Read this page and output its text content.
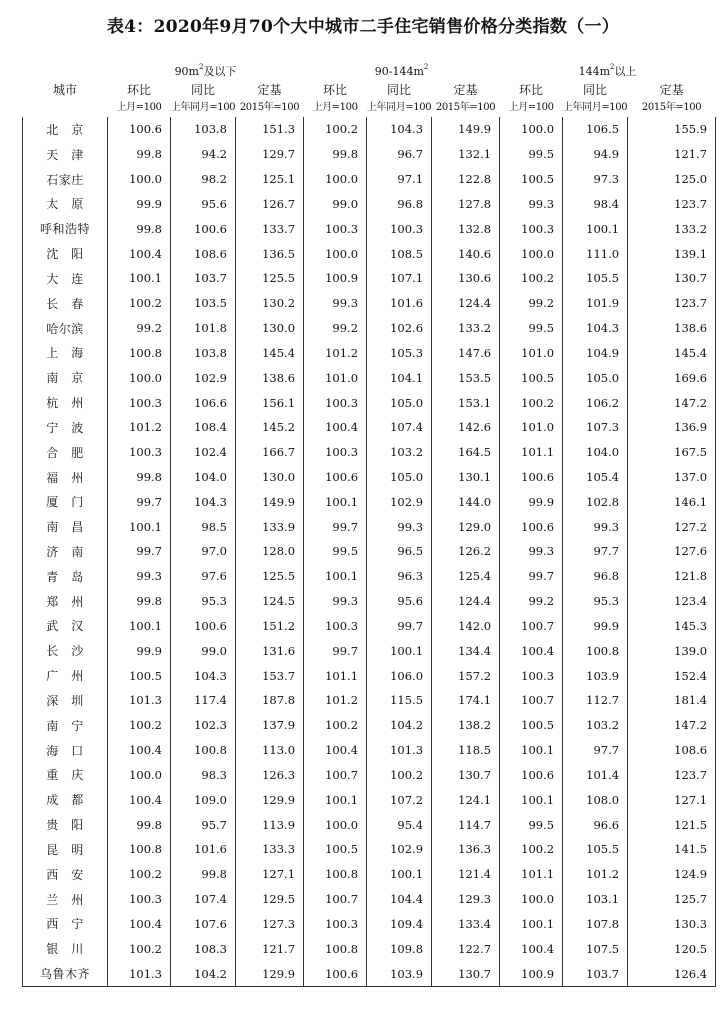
表4：2020年9月70个大中城市二手住宅销售价格分类指数（一）
城市	$90m^2$及以下			$90-144m^2$			$144m^2$以上		
	环比	同比	定基	环比	同比	定基	环比	同比	定基
	上月=100	上年同月=100	2015年=100	上月=100	上年同月=100	2015年=100	上月=100	上年同月=100	2015年=100
北　京	100.6	103.8	151.3	100.2	104.3	149.9	100.0	106.5	155.9
天　津	99.8	94.2	129.7	99.8	96.7	132.1	99.5	94.9	121.7
石家庄	100.0	98.2	125.1	100.0	97.1	122.8	100.5	97.3	125.0
太　原	99.9	95.6	126.7	99.0	96.8	127.8	99.3	98.4	123.7
呼和浩特	99.8	100.6	133.7	100.3	100.3	132.8	100.3	100.1	133.2
沈　阳	100.4	108.6	136.5	100.0	108.5	140.6	100.0	111.0	139.1
大　连	100.1	103.7	125.5	100.9	107.1	130.6	100.2	105.5	130.7
长　春	100.2	103.5	130.2	99.3	101.6	124.4	99.2	101.9	123.7
哈尔滨	99.2	101.8	130.0	99.2	102.6	133.2	99.5	104.3	138.6
上　海	100.8	103.8	145.4	101.2	105.3	147.6	101.0	104.9	145.4
南　京	100.0	102.9	138.6	101.0	104.1	153.5	100.5	105.0	169.6
杭　州	100.3	106.6	156.1	100.3	105.0	153.1	100.2	106.2	147.2
宁　波	101.2	108.4	145.2	100.4	107.4	142.6	101.0	107.3	136.9
合　肥	100.3	102.4	166.7	100.3	103.2	164.5	101.1	104.0	167.5
福　州	99.8	104.0	130.0	100.6	105.0	130.1	100.6	105.4	137.0
厦　门	99.7	104.3	149.9	100.1	102.9	144.0	99.9	102.8	146.1
南　昌	100.1	98.5	133.9	99.7	99.3	129.0	100.6	99.3	127.2
济　南	99.7	97.0	128.0	99.5	96.5	126.2	99.3	97.7	127.6
青　岛	99.3	97.6	125.5	100.1	96.3	125.4	99.7	96.8	121.8
郑　州	99.8	95.3	124.5	99.3	95.6	124.4	99.2	95.3	123.4
武　汉	100.1	100.6	151.2	100.3	99.7	142.0	100.7	99.9	145.3
长　沙	99.9	99.0	131.6	99.7	100.1	134.4	100.4	100.8	139.0
广　州	100.5	104.3	153.7	101.1	106.0	157.2	100.3	103.9	152.4
深　圳	101.3	117.4	187.8	101.2	115.5	174.1	100.7	112.7	181.4
南　宁	100.2	102.3	137.9	100.2	104.2	138.2	100.5	103.2	147.2
海　口	100.4	100.8	113.0	100.4	101.3	118.5	100.1	97.7	108.6
重　庆	100.0	98.3	126.3	100.7	100.2	130.7	100.6	101.4	123.7
成　都	100.4	109.0	129.9	100.1	107.2	124.1	100.1	108.0	127.1
贵　阳	99.8	95.7	113.9	100.0	95.4	114.7	99.5	96.6	121.5
昆　明	100.8	101.6	133.3	100.5	102.9	136.3	100.2	105.5	141.5
西　安	100.2	99.8	127.1	100.8	100.1	121.4	101.1	101.2	124.9
兰　州	100.3	107.4	129.5	100.7	104.4	129.3	100.0	103.1	125.7
西　宁	100.4	107.6	127.3	100.3	109.4	133.4	100.1	107.8	130.3
银　川	100.2	108.3	121.7	100.8	109.8	122.7	100.4	107.5	120.5
乌鲁木齐	101.3	104.2	129.9	100.6	103.9	130.7	100.9	103.7	126.4
